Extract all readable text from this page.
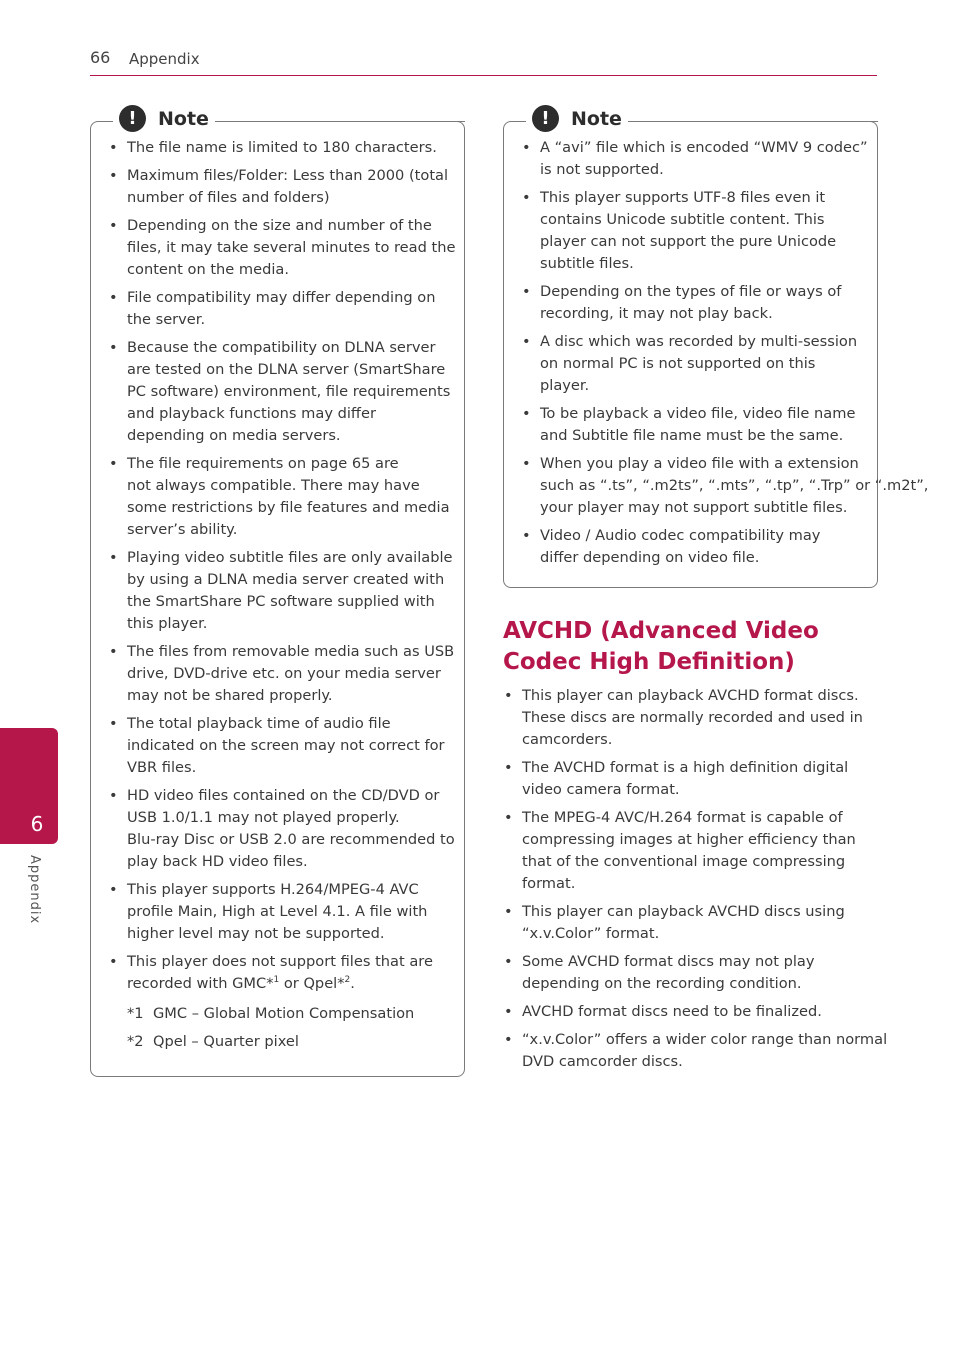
66 Appendix
6
Appendix
!	Note
• The file name is limited to 180 characters.
• Maximum files/Folder: Less than 2000 (total
number of files and folders)
• Depending on the size and number of the
files, it may take several minutes to read the
content on the media.
• File compatibility may differ depending on
the server.
• Because the compatibility on DLNA server
are tested on the DLNA server (SmartShare
PC software) environment, file requirements
and playback functions may differ
depending on media servers.
• The file requirements on page 65 are
not always compatible. There may have
some restrictions by file features and media
server’s ability.
• Playing video subtitle files are only available
by using a DLNA media server created with
the SmartShare PC software supplied with
this player.
• The files from removable media such as USB
drive, DVD-drive etc. on your media server
may not be shared properly.
• The total playback time of audio file
indicated on the screen may not correct for
VBR files.
• HD video files contained on the CD/DVD or
USB 1.0/1.1 may not played properly.
Blu-ray Disc or USB 2.0 are recommended to
play back HD video files.
• This player supports H.264/MPEG-4 AVC
profile Main, High at Level 4.1. A file with
higher level may not be supported.
• This player does not support files that are
recorded with GMC*$^1$ or Qpel*$^2$.
*1 GMC – Global Motion Compensation
*2 Qpel – Quarter pixel
!	Note
• A “avi” file which is encoded “WMV 9 codec”
is not supported.
• This player supports UTF-8 files even it
contains Unicode subtitle content. This
player can not support the pure Unicode
subtitle files.
• Depending on the types of file or ways of
recording, it may not play back.
• A disc which was recorded by multi-session
on normal PC is not supported on this
player.
• To be playback a video file, video file name
and Subtitle file name must be the same.
• When you play a video file with a extension
such as “.ts”, “.m2ts”, “.mts”, “.tp”, “.Trp” or “.m2t”,
your player may not support subtitle files.
• Video / Audio codec compatibility may
differ depending on video file.
AVCHD (Advanced Video
Codec High Definition)
• This player can playback AVCHD format discs.
These discs are normally recorded and used in
camcorders.
• The AVCHD format is a high definition digital
video camera format.
• The MPEG-4 AVC/H.264 format is capable of
compressing images at higher efficiency than
that of the conventional image compressing
format.
• This player can playback AVCHD discs using
“x.v.Color” format.
• Some AVCHD format discs may not play
depending on the recording condition.
• AVCHD format discs need to be finalized.
• “x.v.Color” offers a wider color range than normal
DVD camcorder discs.
